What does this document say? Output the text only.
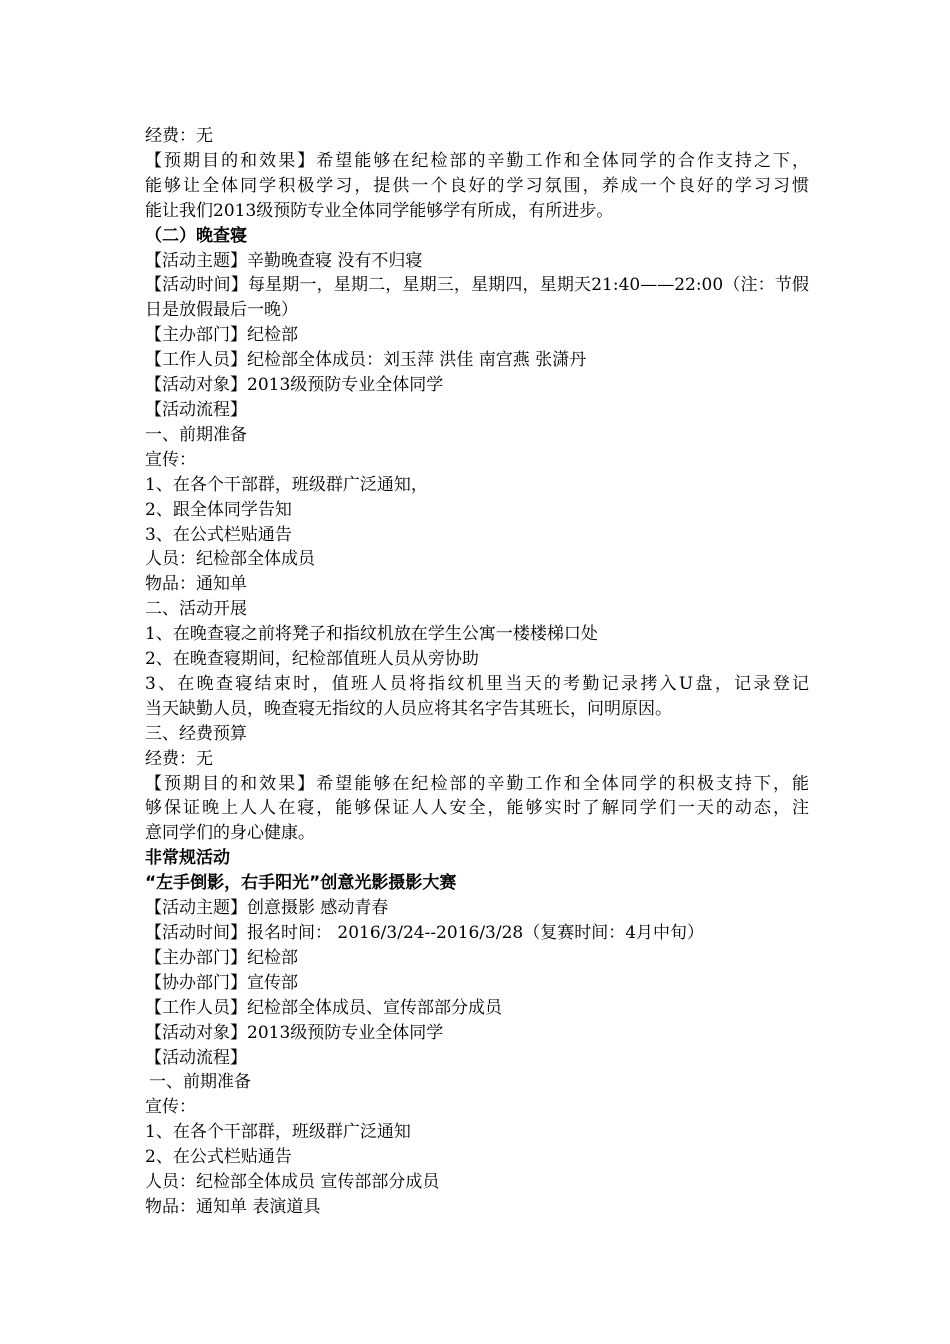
经费：无

【预期目的和效果】希望能够在纪检部的辛勤工作和全体同学的合作支持之下，

能够让全体同学积极学习，提供一个良好的学习氛围，养成一个良好的学习习惯

能让我们2013级预防专业全体同学能够学有所成，有所进步。

（二）晚查寝

【活动主题】辛勤晚查寝 没有不归寝

【活动时间】每星期一，星期二，星期三，星期四，星期天21:40——22:00（注：节假

日是放假最后一晚）

【主办部门】纪检部

【工作人员】纪检部全体成员：刘玉萍 洪佳 南宫燕 张潇丹

【活动对象】2013级预防专业全体同学

【活动流程】

一、前期准备

宣传：

1、在各个干部群，班级群广泛通知，

2、跟全体同学告知

3、在公式栏贴通告

人员：纪检部全体成员

物品：通知单

二、活动开展

1、在晚查寝之前将凳子和指纹机放在学生公寓一楼楼梯口处

2、在晚查寝期间，纪检部值班人员从旁协助

3、在晚查寝结束时，值班人员将指纹机里当天的考勤记录拷入U盘，记录登记

当天缺勤人员，晚查寝无指纹的人员应将其名字告其班长，问明原因。

三、经费预算

经费：无

【预期目的和效果】希望能够在纪检部的辛勤工作和全体同学的积极支持下，能

够保证晚上人人在寝，能够保证人人安全，能够实时了解同学们一天的动态，注

意同学们的身心健康。

非常规活动

“左手倒影，右手阳光”创意光影摄影大赛

【活动主题】创意摄影 感动青春

【活动时间】报名时间： 2016/3/24--2016/3/28（复赛时间：4月中旬）

【主办部门】纪检部

【协办部门】宣传部

【工作人员】纪检部全体成员、宣传部部分成员

【活动对象】2013级预防专业全体同学

【活动流程】

一、前期准备

宣传：

1、在各个干部群，班级群广泛通知

2、在公式栏贴通告

人员：纪检部全体成员 宣传部部分成员

物品：通知单 表演道具
